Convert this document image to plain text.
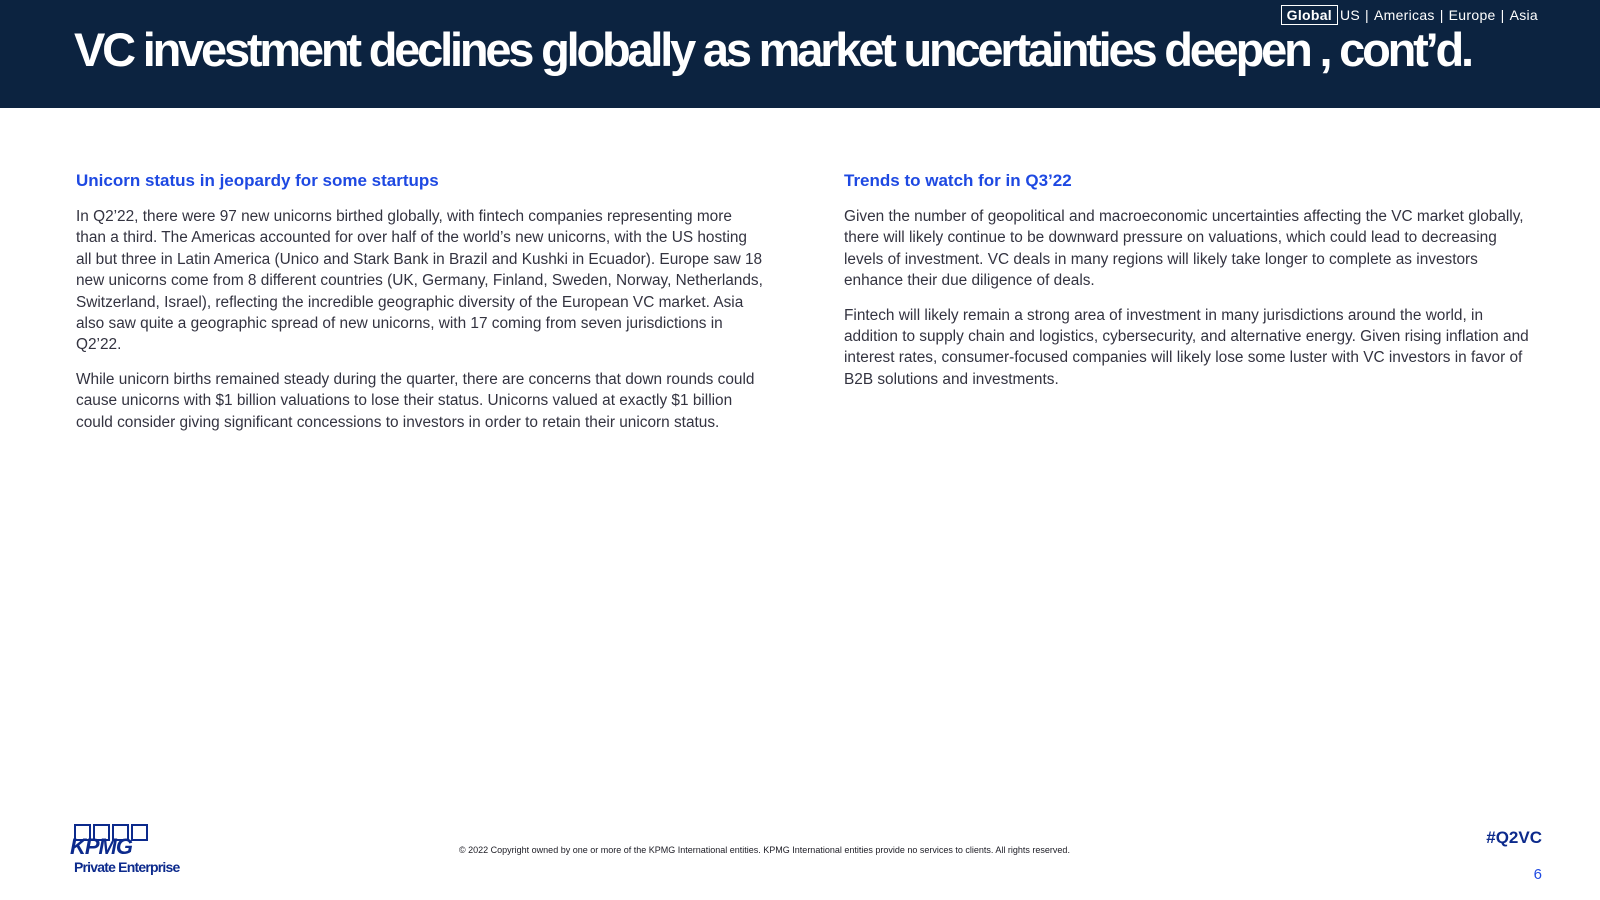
VC investment declines globally as market uncertainties deepen , cont’d.
Global US | Americas | Europe | Asia
Unicorn status in jeopardy for some startups

In Q2’22, there were 97 new unicorns birthed globally, with fintech companies representing more than a third. The Americas accounted for over half of the world’s new unicorns, with the US hosting all but three in Latin America (Unico and Stark Bank in Brazil and Kushki in Ecuador). Europe saw 18 new unicorns come from 8 different countries (UK, Germany, Finland, Sweden, Norway, Netherlands, Switzerland, Israel), reflecting the incredible geographic diversity of the European VC market. Asia also saw quite a geographic spread of new unicorns, with 17 coming from seven jurisdictions in Q2’22.

While unicorn births remained steady during the quarter, there are concerns that down rounds could cause unicorns with $1 billion valuations to lose their status. Unicorns valued at exactly $1 billion could consider giving significant concessions to investors in order to retain their unicorn status.

Trends to watch for in Q3’22

Given the number of geopolitical and macroeconomic uncertainties affecting the VC market globally, there will likely continue to be downward pressure on valuations, which could lead to decreasing levels of investment. VC deals in many regions will likely take longer to complete as investors enhance their due diligence of deals.

Fintech will likely remain a strong area of investment in many jurisdictions around the world, in addition to supply chain and logistics, cybersecurity, and alternative energy. Given rising inflation and interest rates, consumer-focused companies will likely lose some luster with VC investors in favor of B2B solutions and investments.

KPMG
Private Enterprise
© 2022 Copyright owned by one or more of the KPMG International entities. KPMG International entities provide no services to clients. All rights reserved.
#Q2VC
6
